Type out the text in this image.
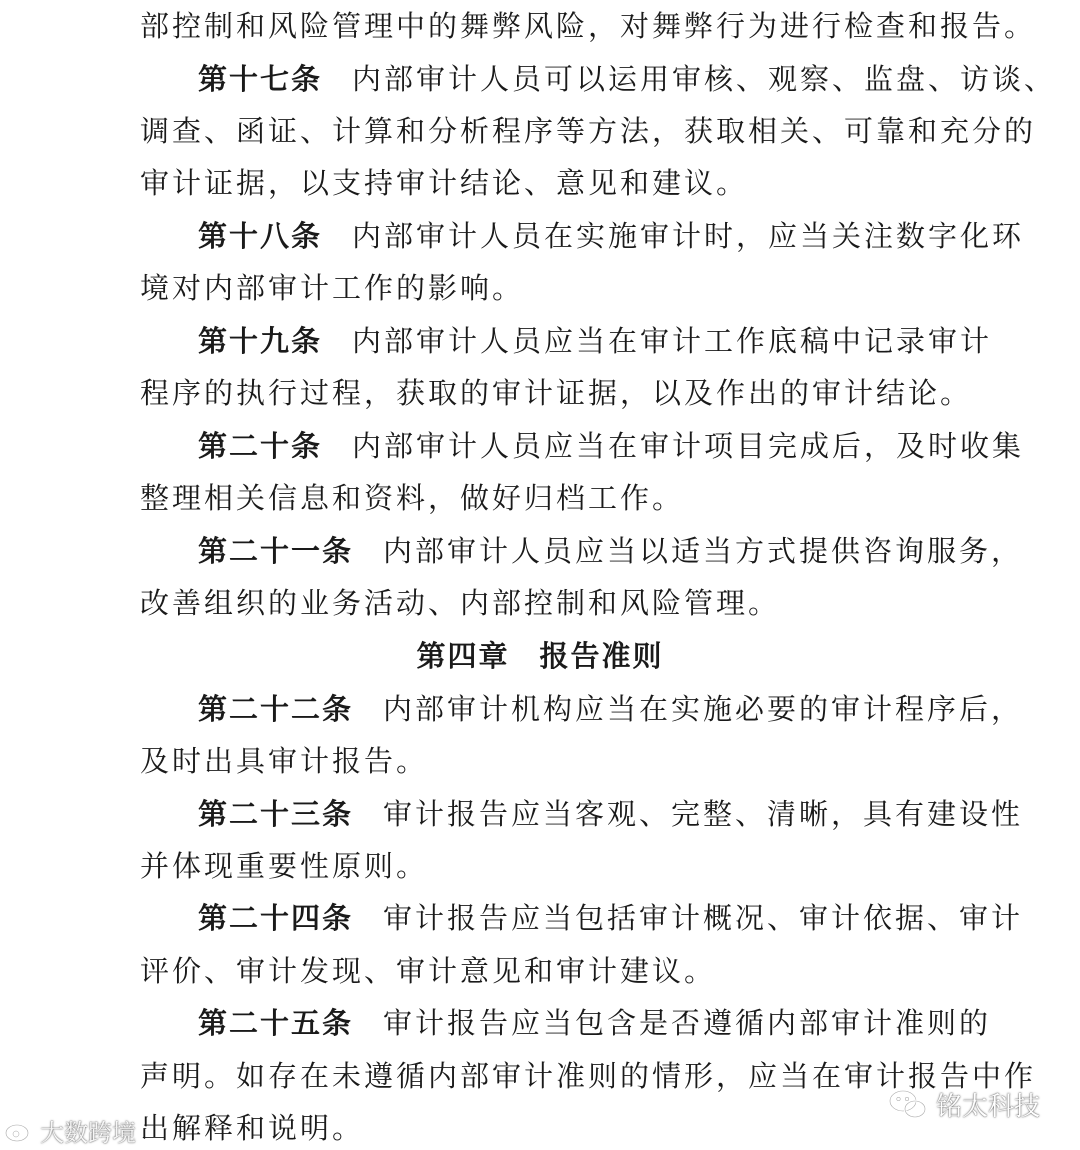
部控制和风险管理中的舞弊风险，对舞弊行为进行检查和报告。
第十七条 内部审计人员可以运用审核、观察、监盘、访谈、
调查、函证、计算和分析程序等方法，获取相关、可靠和充分的
审计证据，以支持审计结论、意见和建议。
第十八条 内部审计人员在实施审计时，应当关注数字化环
境对内部审计工作的影响。
第十九条 内部审计人员应当在审计工作底稿中记录审计
程序的执行过程，获取的审计证据，以及作出的审计结论。
第二十条 内部审计人员应当在审计项目完成后，及时收集
整理相关信息和资料，做好归档工作。
第二十一条 内部审计人员应当以适当方式提供咨询服务，
改善组织的业务活动、内部控制和风险管理。
第四章 报告准则
第二十二条 内部审计机构应当在实施必要的审计程序后，
及时出具审计报告。
第二十三条 审计报告应当客观、完整、清晰，具有建设性
并体现重要性原则。
第二十四条 审计报告应当包括审计概况、审计依据、审计
评价、审计发现、审计意见和审计建议。
第二十五条 审计报告应当包含是否遵循内部审计准则的
声明。如存在未遵循内部审计准则的情形，应当在审计报告中作
出解释和说明。
大数跨境
铭太科技
